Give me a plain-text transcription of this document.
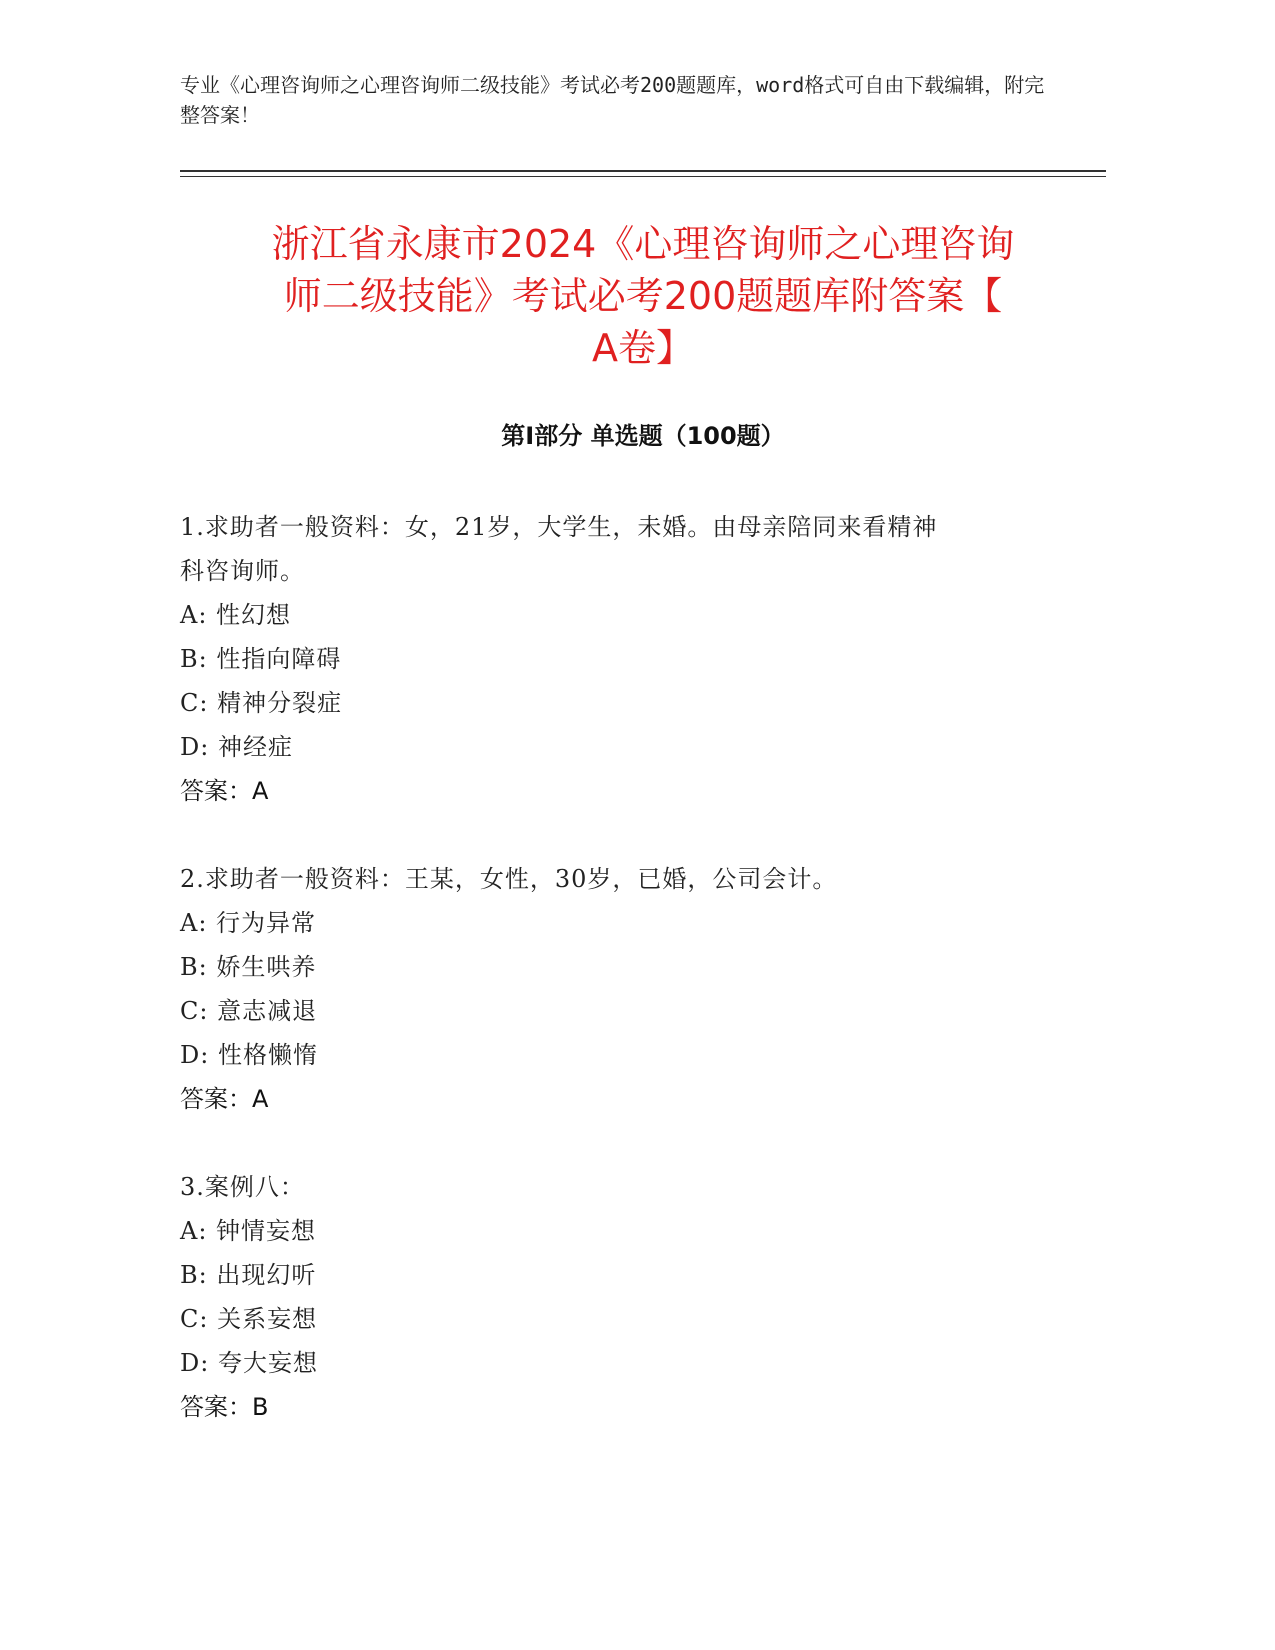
专业《心理咨询师之心理咨询师二级技能》考试必考200题题库，word格式可自由下载编辑，附完整答案！
浙江省永康市2024《心理咨询师之心理咨询
师二级技能》考试必考200题题库附答案【
A卷】
第I部分 单选题（100题）
1.求助者一般资料：女，21岁，大学生，未婚。由母亲陪同来看精神
科咨询师。
A: 性幻想
B: 性指向障碍
C: 精神分裂症
D: 神经症
答案：A
2.求助者一般资料：王某，女性，30岁，已婚，公司会计。
A: 行为异常
B: 娇生哄养
C: 意志减退
D: 性格懒惰
答案：A
3.案例八：
A: 钟情妄想
B: 出现幻听
C: 关系妄想
D: 夸大妄想
答案：B
